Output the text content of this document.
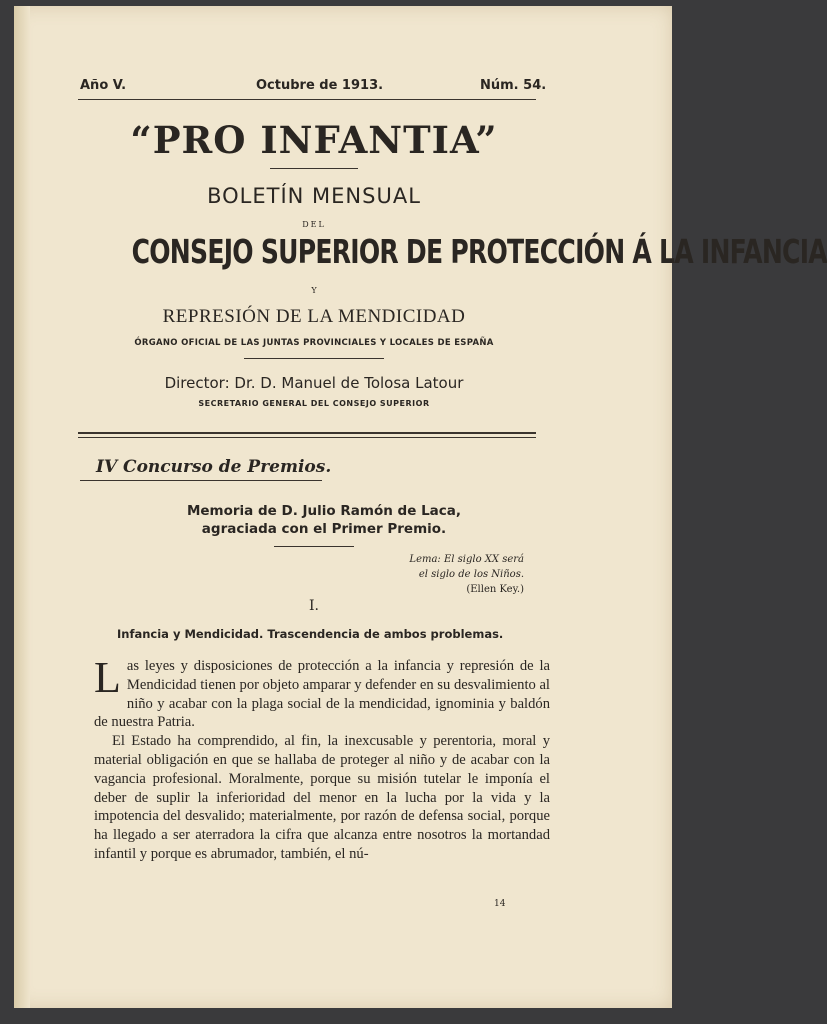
Año V.	Octubre de 1913.	Núm. 54.
“PRO INFANTIA”
BOLETÍN MENSUAL
DEL
CONSEJO SUPERIOR DE PROTECCIÓN Á LA INFANCIA
Y
REPRESIÓN DE LA MENDICIDAD
ÓRGANO OFICIAL DE LAS JUNTAS PROVINCIALES Y LOCALES DE ESPAÑA
Director: Dr. D. Manuel de Tolosa Latour
SECRETARIO GENERAL DEL CONSEJO SUPERIOR
IV Concurso de Premios.
Memoria de D. Julio Ramón de Laca,
agraciada con el Primer Premio.
Lema: El siglo XX será
el siglo de los Niños.
(Ellen Key.)
I.
Infancia y Mendicidad. Trascendencia de ambos problemas.

Las leyes y disposiciones de protección a la infancia y represión de la Mendicidad tienen por objeto amparar y defender en su desvalimiento al niño y acabar con la plaga social de la mendicidad, ignominia y baldón de nuestra Patria.

El Estado ha comprendido, al fin, la inexcusable y perentoria, moral y material obligación en que se hallaba de proteger al niño y de acabar con la vagancia profesional. Moralmente, porque su misión tutelar le imponía el deber de suplir la inferioridad del menor en la lucha por la vida y la impotencia del desvalido; materialmente, por razón de defensa social, porque ha llegado a ser aterradora la cifra que alcanza entre nosotros la mortandad infantil y porque es abrumador, también, el nú-

14
